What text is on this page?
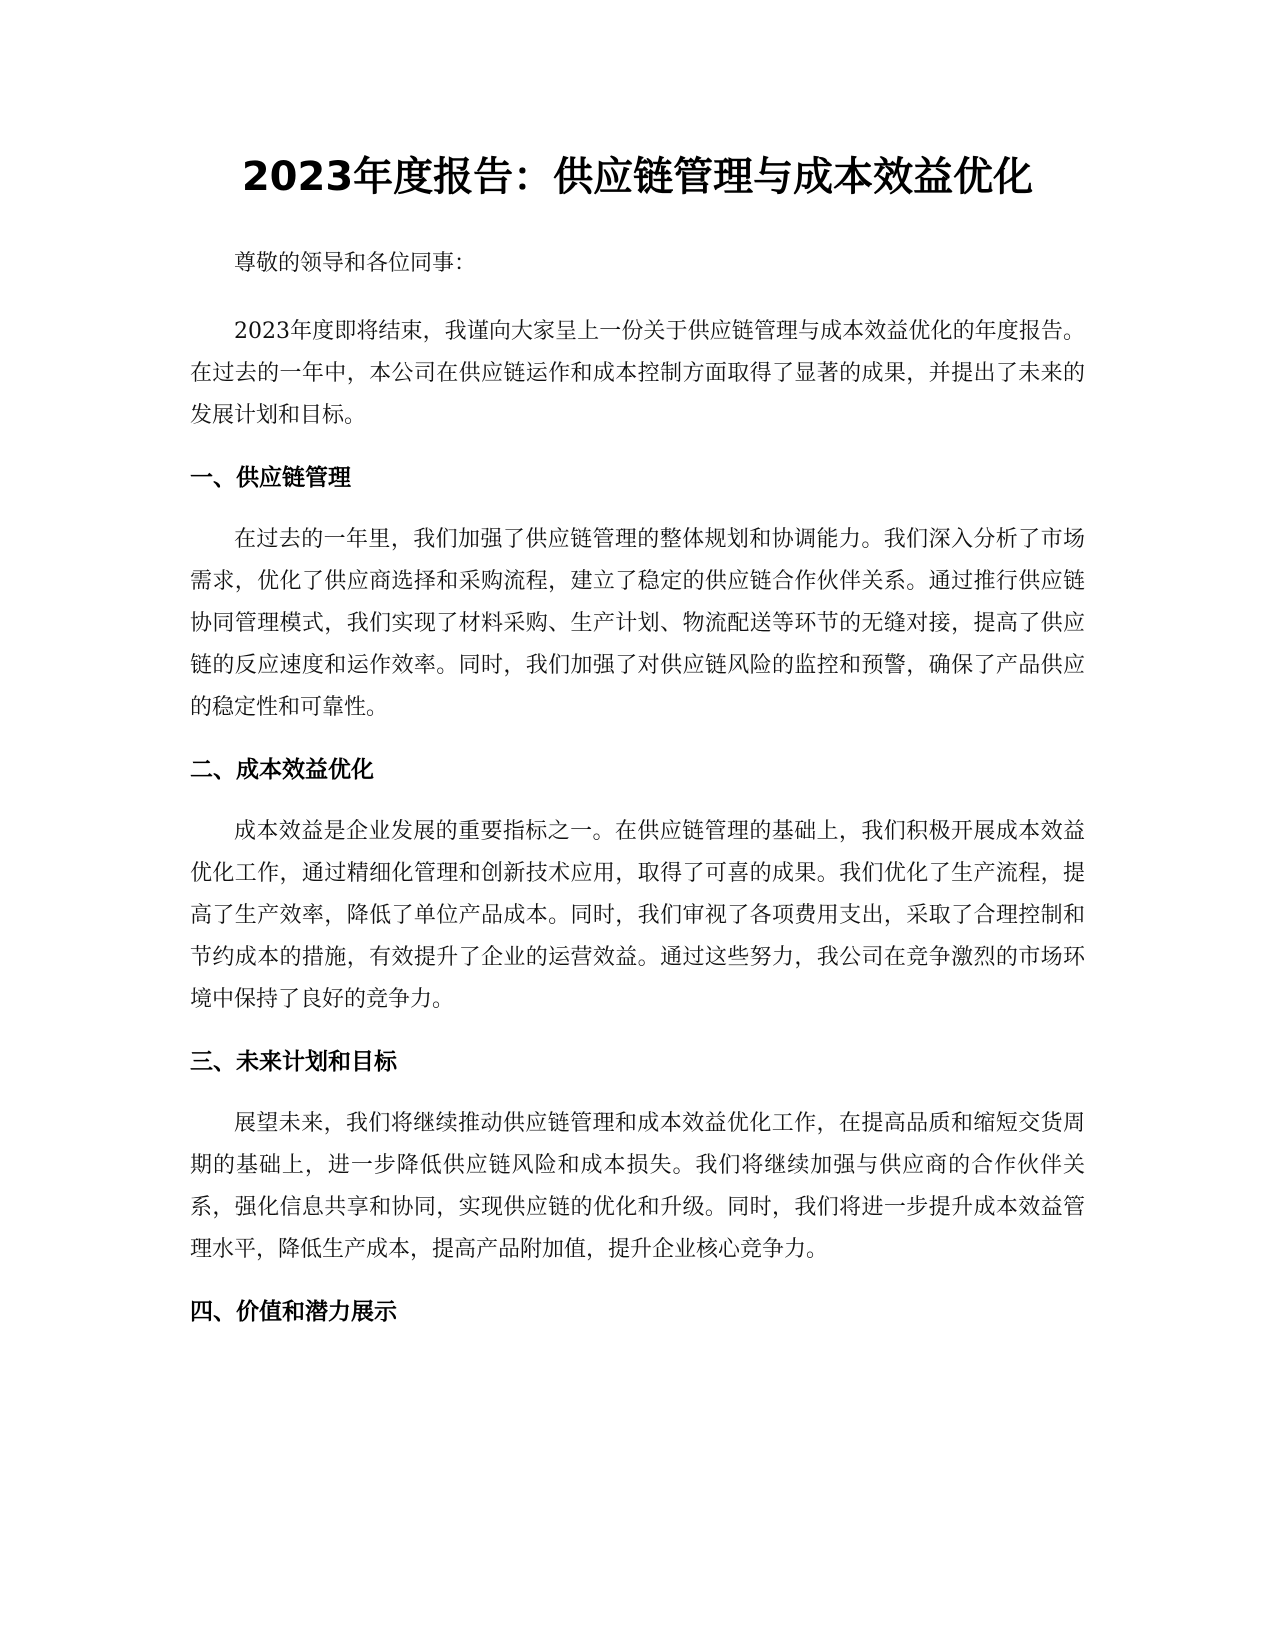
2023年度报告：供应链管理与成本效益优化

尊敬的领导和各位同事：

2023年度即将结束，我谨向大家呈上一份关于供应链管理与成本效益优化的年度报告。在过去的一年中，本公司在供应链运作和成本控制方面取得了显著的成果，并提出了未来的发展计划和目标。

一、供应链管理

在过去的一年里，我们加强了供应链管理的整体规划和协调能力。我们深入分析了市场需求，优化了供应商选择和采购流程，建立了稳定的供应链合作伙伴关系。通过推行供应链协同管理模式，我们实现了材料采购、生产计划、物流配送等环节的无缝对接，提高了供应链的反应速度和运作效率。同时，我们加强了对供应链风险的监控和预警，确保了产品供应的稳定性和可靠性。

二、成本效益优化

成本效益是企业发展的重要指标之一。在供应链管理的基础上，我们积极开展成本效益优化工作，通过精细化管理和创新技术应用，取得了可喜的成果。我们优化了生产流程，提高了生产效率，降低了单位产品成本。同时，我们审视了各项费用支出，采取了合理控制和节约成本的措施，有效提升了企业的运营效益。通过这些努力，我公司在竞争激烈的市场环境中保持了良好的竞争力。

三、未来计划和目标

展望未来，我们将继续推动供应链管理和成本效益优化工作，在提高品质和缩短交货周期的基础上，进一步降低供应链风险和成本损失。我们将继续加强与供应商的合作伙伴关系，强化信息共享和协同，实现供应链的优化和升级。同时，我们将进一步提升成本效益管理水平，降低生产成本，提高产品附加值，提升企业核心竞争力。

四、价值和潜力展示
